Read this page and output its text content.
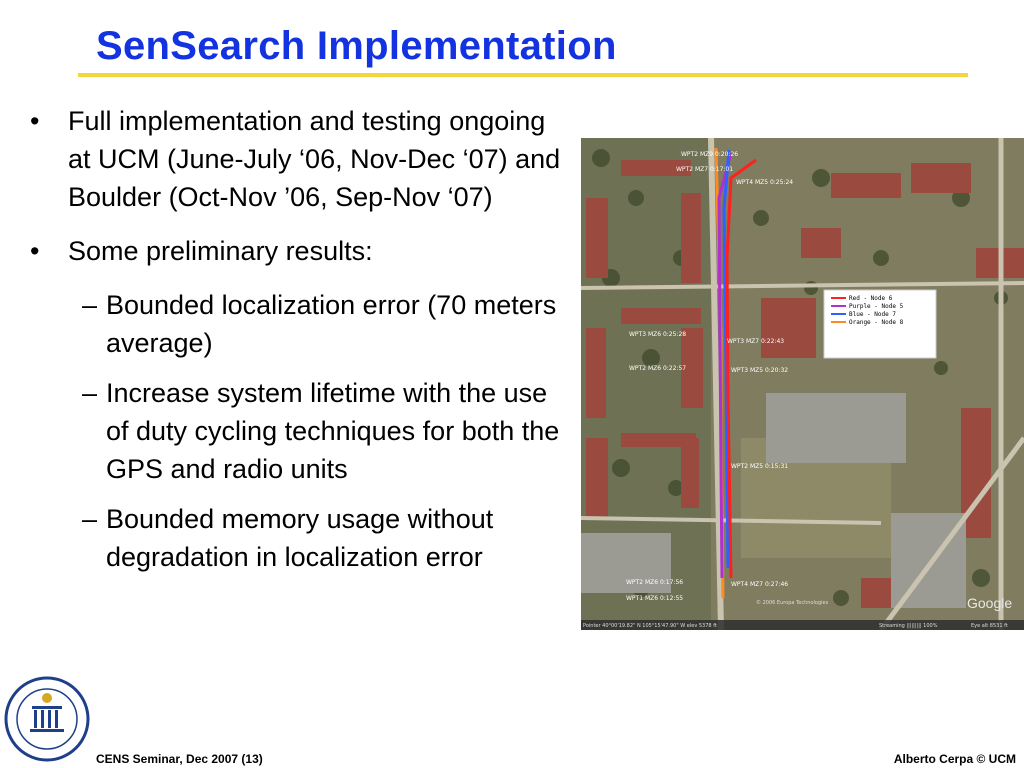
SenSearch Implementation
• Full implementation and testing ongoing at UCM (June-July ‘06, Nov-Dec ‘07) and Boulder (Oct-Nov ’06, Sep-Nov ‘07)
• Some preliminary results:
– Bounded localization error (70 meters average)
– Increase system lifetime with the use of duty cycling techniques for both the GPS and radio units
– Bounded memory usage without degradation in localization error
Red - Node 6
Purple - Node 5
Blue - Node 7
Orange - Node 8
WPT2 MZ9 0:20:26
WPT2 MZ7 0:17:01
WPT4 MZ5 0:25:24
WPT3 MZ6 0:25:28
WPT3 MZ7 0:22:43
WPT2 MZ6 0:22:57	WPT3 MZ5 0:20:32
WPT2 MZ5 0:15:31
WPT2 MZ6 0:17:56	WPT4 MZ7 0:27:46
WPT1 MZ6 0:12:55
Pointer 40°00'19.82" N 105°15'47.90" W elev 5378 ft	Streaming ||||||||| 100%	Eye alt 8531 ft
© 2006 Europa Technologies	Google
CENS Seminar, Dec 2007 (13)	Alberto Cerpa © UCM
